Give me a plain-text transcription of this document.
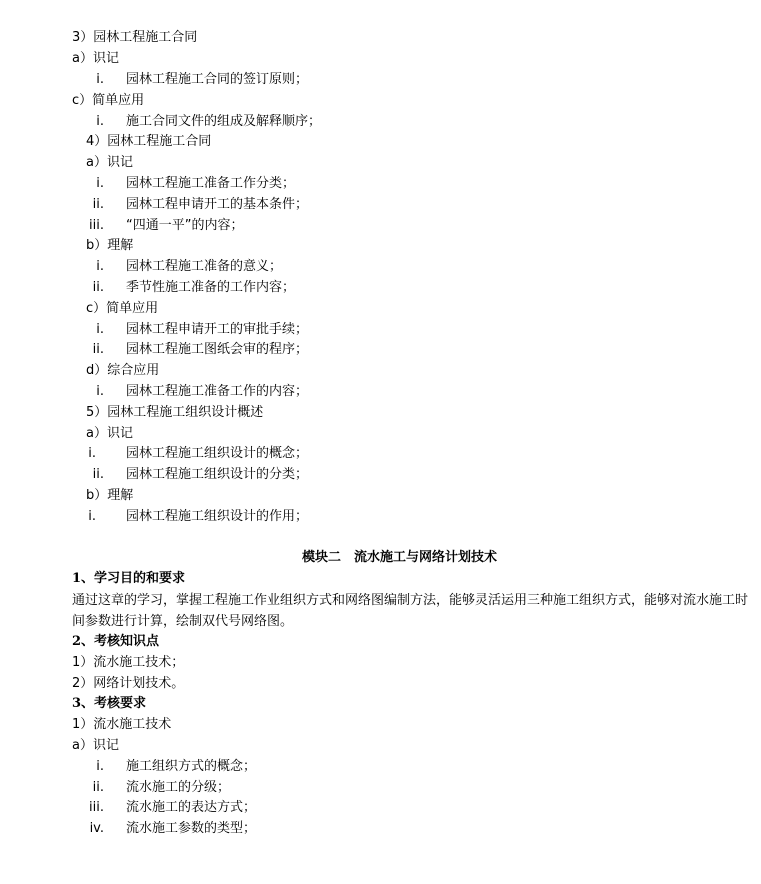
3）园林工程施工合同
a）识记
i. 园林工程施工合同的签订原则；
c）简单应用
i. 施工合同文件的组成及解释顺序；
4）园林工程施工合同
a）识记
i. 园林工程施工准备工作分类；
ii. 园林工程申请开工的基本条件；
iii. “四通一平”的内容；
b）理解
i. 园林工程施工准备的意义；
ii. 季节性施工准备的工作内容；
c）简单应用
i. 园林工程申请开工的审批手续；
ii. 园林工程施工图纸会审的程序；
d）综合应用
i. 园林工程施工准备工作的内容；
5）园林工程施工组织设计概述
a）识记
i. 园林工程施工组织设计的概念；
ii. 园林工程施工组织设计的分类；
b）理解
i. 园林工程施工组织设计的作用；
模块二　流水施工与网络计划技术
1、学习目的和要求
通过这章的学习，掌握工程施工作业组织方式和网络图编制方法，能够灵活运用三种施工组织方式，能够对流水施工时间参数进行计算，绘制双代号网络图。
2、考核知识点
1）流水施工技术；
2）网络计划技术。
3、考核要求
1）流水施工技术
a）识记
i. 施工组织方式的概念；
ii. 流水施工的分级；
iii. 流水施工的表达方式；
iv. 流水施工参数的类型；
